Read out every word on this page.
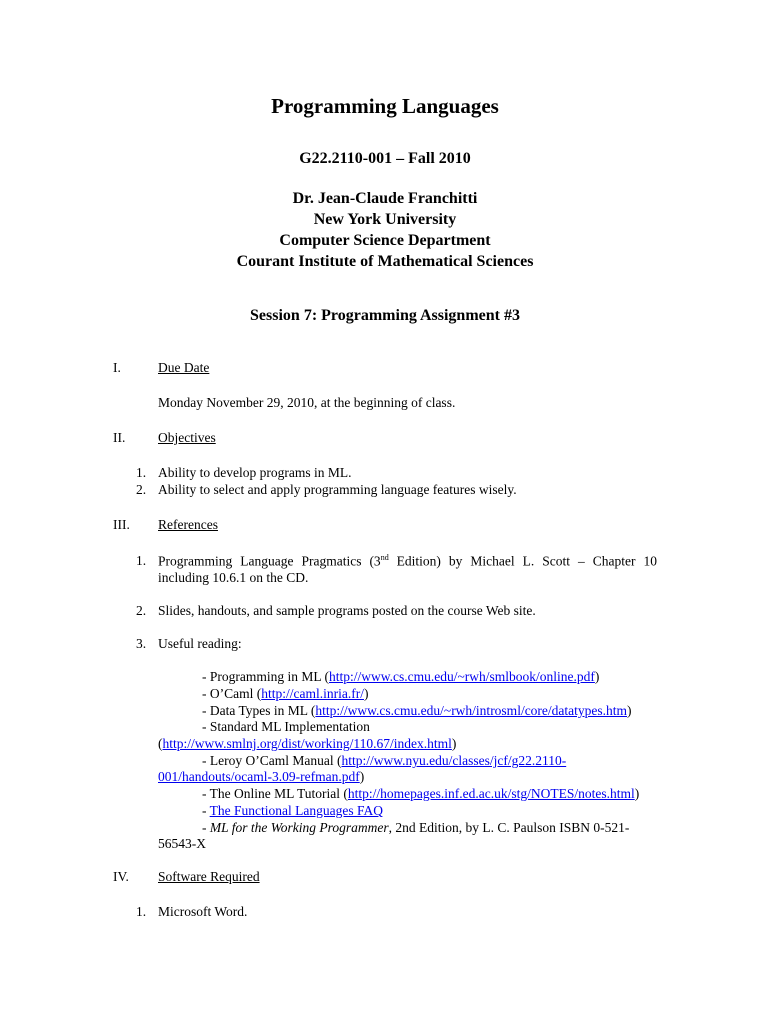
Programming Languages
G22.2110-001 – Fall 2010
Dr. Jean-Claude Franchitti
New York University
Computer Science Department
Courant Institute of Mathematical Sciences
Session 7: Programming Assignment #3
I.	Due Date
Monday November 29, 2010, at the beginning of class.
II. Objectives
1. Ability to develop programs in ML.
2. Ability to select and apply programming language features wisely.
III. References
1. Programming Language Pragmatics (3nd Edition) by Michael L. Scott – Chapter 10
including 10.6.1 on the CD.
2. Slides, handouts, and sample programs posted on the course Web site.
3. Useful reading:
- Programming in ML (http://www.cs.cmu.edu/~rwh/smlbook/online.pdf)
- O’Caml (http://caml.inria.fr/)
- Data Types in ML (http://www.cs.cmu.edu/~rwh/introsml/core/datatypes.htm)
- Standard ML Implementation
(http://www.smlnj.org/dist/working/110.67/index.html)
- Leroy O’Caml Manual (http://www.nyu.edu/classes/jcf/g22.2110-
001/handouts/ocaml-3.09-refman.pdf)
- The Online ML Tutorial (http://homepages.inf.ed.ac.uk/stg/NOTES/notes.html)
- The Functional Languages FAQ
- ML for the Working Programmer, 2nd Edition, by L. C. Paulson ISBN 0-521-
56543-X
IV. Software Required
1. Microsoft Word.
